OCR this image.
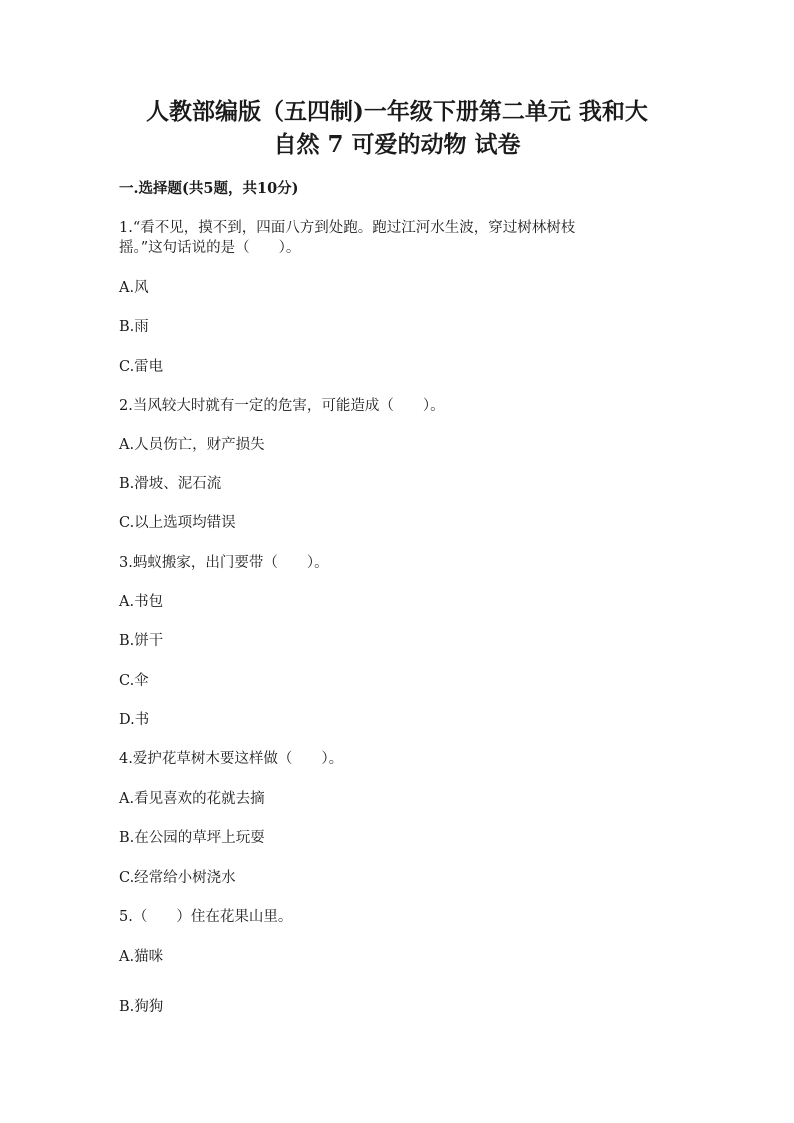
人教部编版（五四制)一年级下册第二单元 我和大
自然 7 可爱的动物 试卷
一.选择题(共5题，共10分)
1.“看不见，摸不到，四面八方到处跑。跑过江河水生波，穿过树林树枝
摇。”这句话说的是（　　）。
A.风
B.雨
C.雷电
2.当风较大时就有一定的危害，可能造成（　　）。
A.人员伤亡，财产损失
B.滑坡、泥石流
C.以上选项均错误
3.蚂蚁搬家，出门要带（　　）。
A.书包
B.饼干
C.伞
D.书
4.爱护花草树木要这样做（　　）。
A.看见喜欢的花就去摘
B.在公园的草坪上玩耍
C.经常给小树浇水
5.（　　）住在花果山里。
A.猫咪
B.狗狗
